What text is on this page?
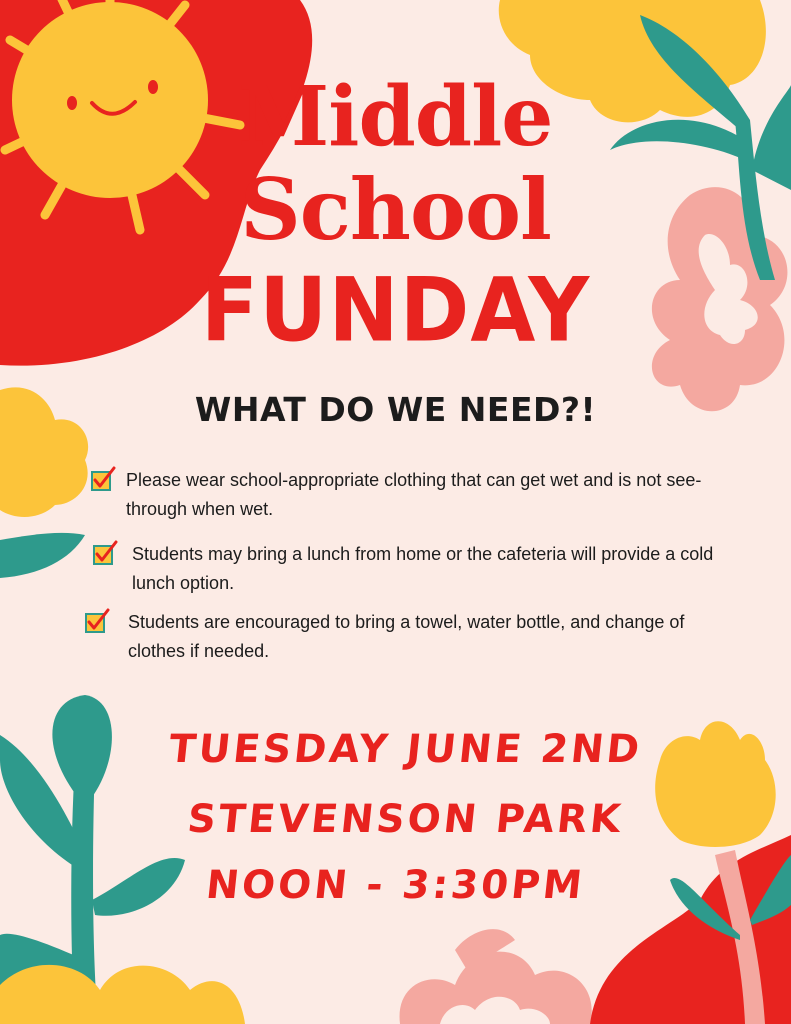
Middle
School
FUNDAY
WHAT DO WE NEED?!

Please wear school-appropriate clothing that can get wet and is not see-through when wet.

Students may bring a lunch from home or the cafeteria will provide a cold lunch option.

Students are encouraged to bring a towel, water bottle, and change of clothes if needed.

TUESDAY JUNE 2ND

STEVENSON PARK

NOON - 3:30PM
